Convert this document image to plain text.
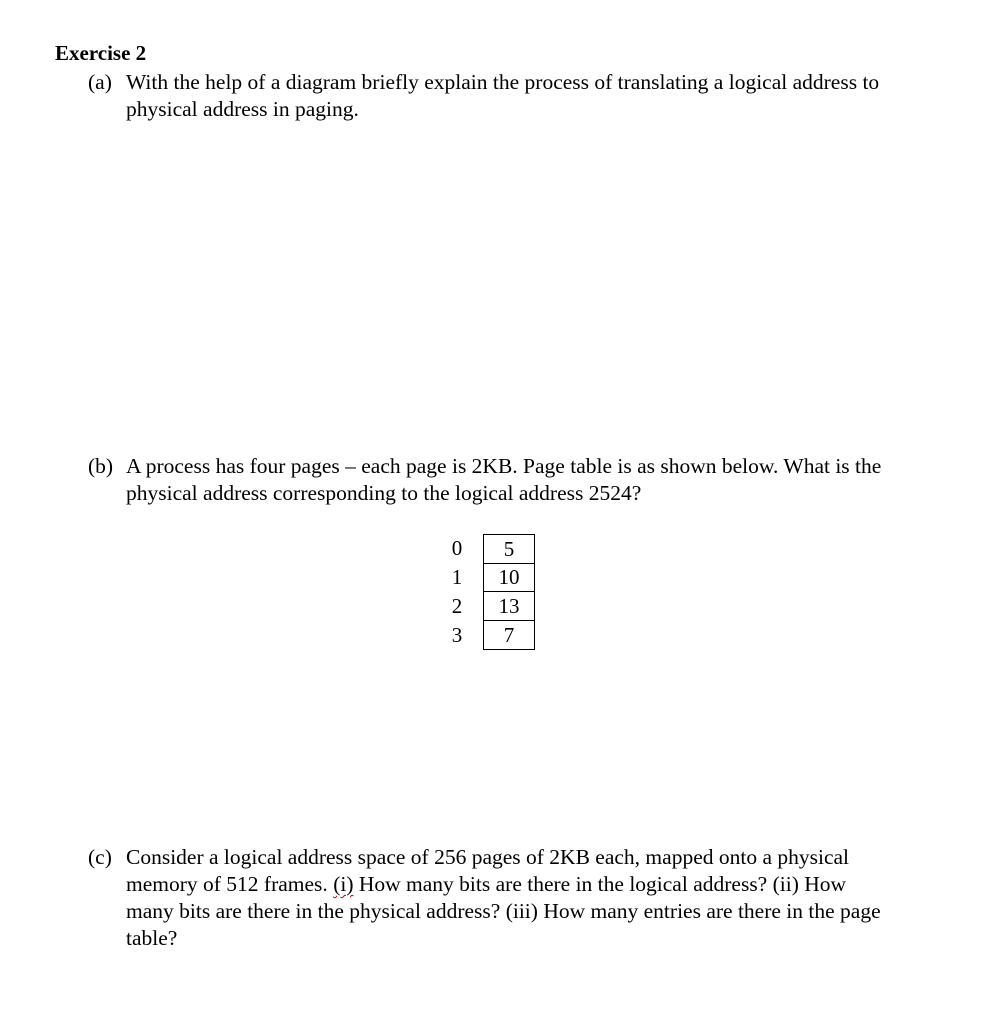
Exercise 2
(a) With the help of a diagram briefly explain the process of translating a logical address to physical address in paging.
(b) A process has four pages – each page is 2KB. Page table is as shown below. What is the physical address corresponding to the logical address 2524?
0	5
1	10
2	13
3	7
(c) Consider a logical address space of 256 pages of 2KB each, mapped onto a physical memory of 512 frames. (i) How many bits are there in the logical address? (ii) How many bits are there in the physical address? (iii) How many entries are there in the page table?
